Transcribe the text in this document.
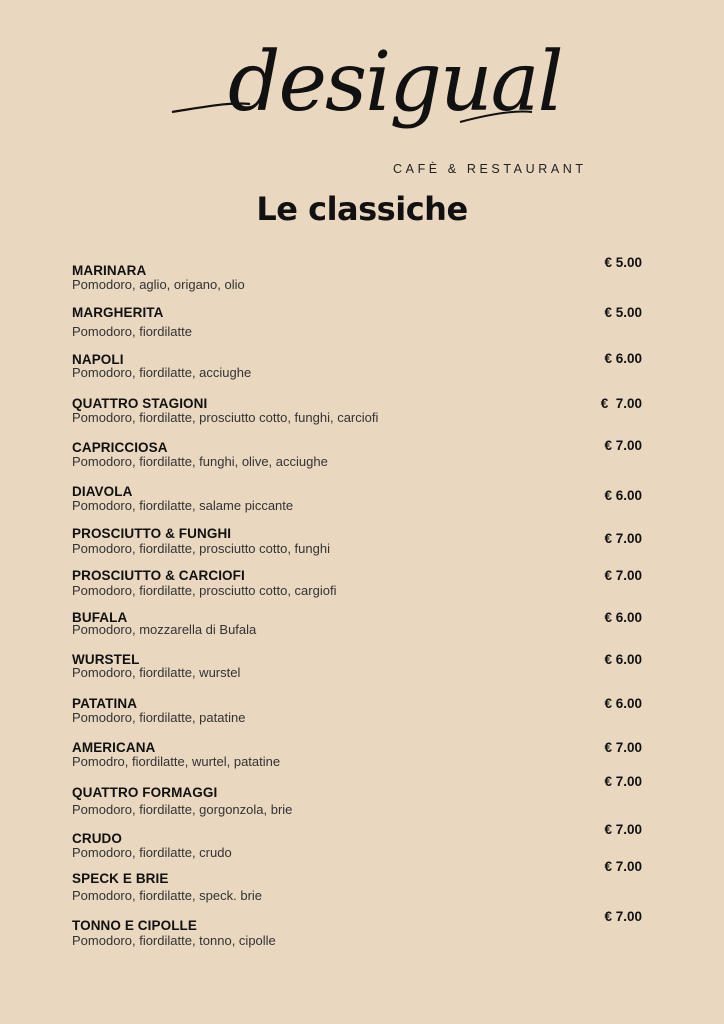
desigual
CAFÈ & RESTAURANT
Le classiche
MARINARA
Pomodoro, aglio, origano, olio
€ 5.00
MARGHERITA
Pomodoro, fiordilatte
€ 5.00
NAPOLI
Pomodoro, fiordilatte, acciughe
€ 6.00
QUATTRO STAGIONI
Pomodoro, fiordilatte, prosciutto cotto, funghi, carciofi
€  7.00
CAPRICCIOSA
Pomodoro, fiordilatte, funghi, olive, acciughe
€ 7.00
DIAVOLA
Pomodoro, fiordilatte, salame piccante
€ 6.00
PROSCIUTTO & FUNGHI
Pomodoro, fiordilatte, prosciutto cotto, funghi
€ 7.00
PROSCIUTTO & CARCIOFI
Pomodoro, fiordilatte, prosciutto cotto, cargiofi
€ 7.00
BUFALA
Pomodoro, mozzarella di Bufala
€ 6.00
WURSTEL
Pomodoro, fiordilatte, wurstel
€ 6.00
PATATINA
Pomodoro, fiordilatte, patatine
€ 6.00
AMERICANA
Pomodro, fiordilatte, wurtel, patatine
€ 7.00
QUATTRO FORMAGGI
Pomodoro, fiordilatte, gorgonzola, brie
€ 7.00
CRUDO
Pomodoro, fiordilatte, crudo
€ 7.00
SPECK E BRIE
Pomodoro, fiordilatte, speck. brie
€ 7.00
TONNO E CIPOLLE
Pomodoro, fiordilatte, tonno, cipolle
€ 7.00
